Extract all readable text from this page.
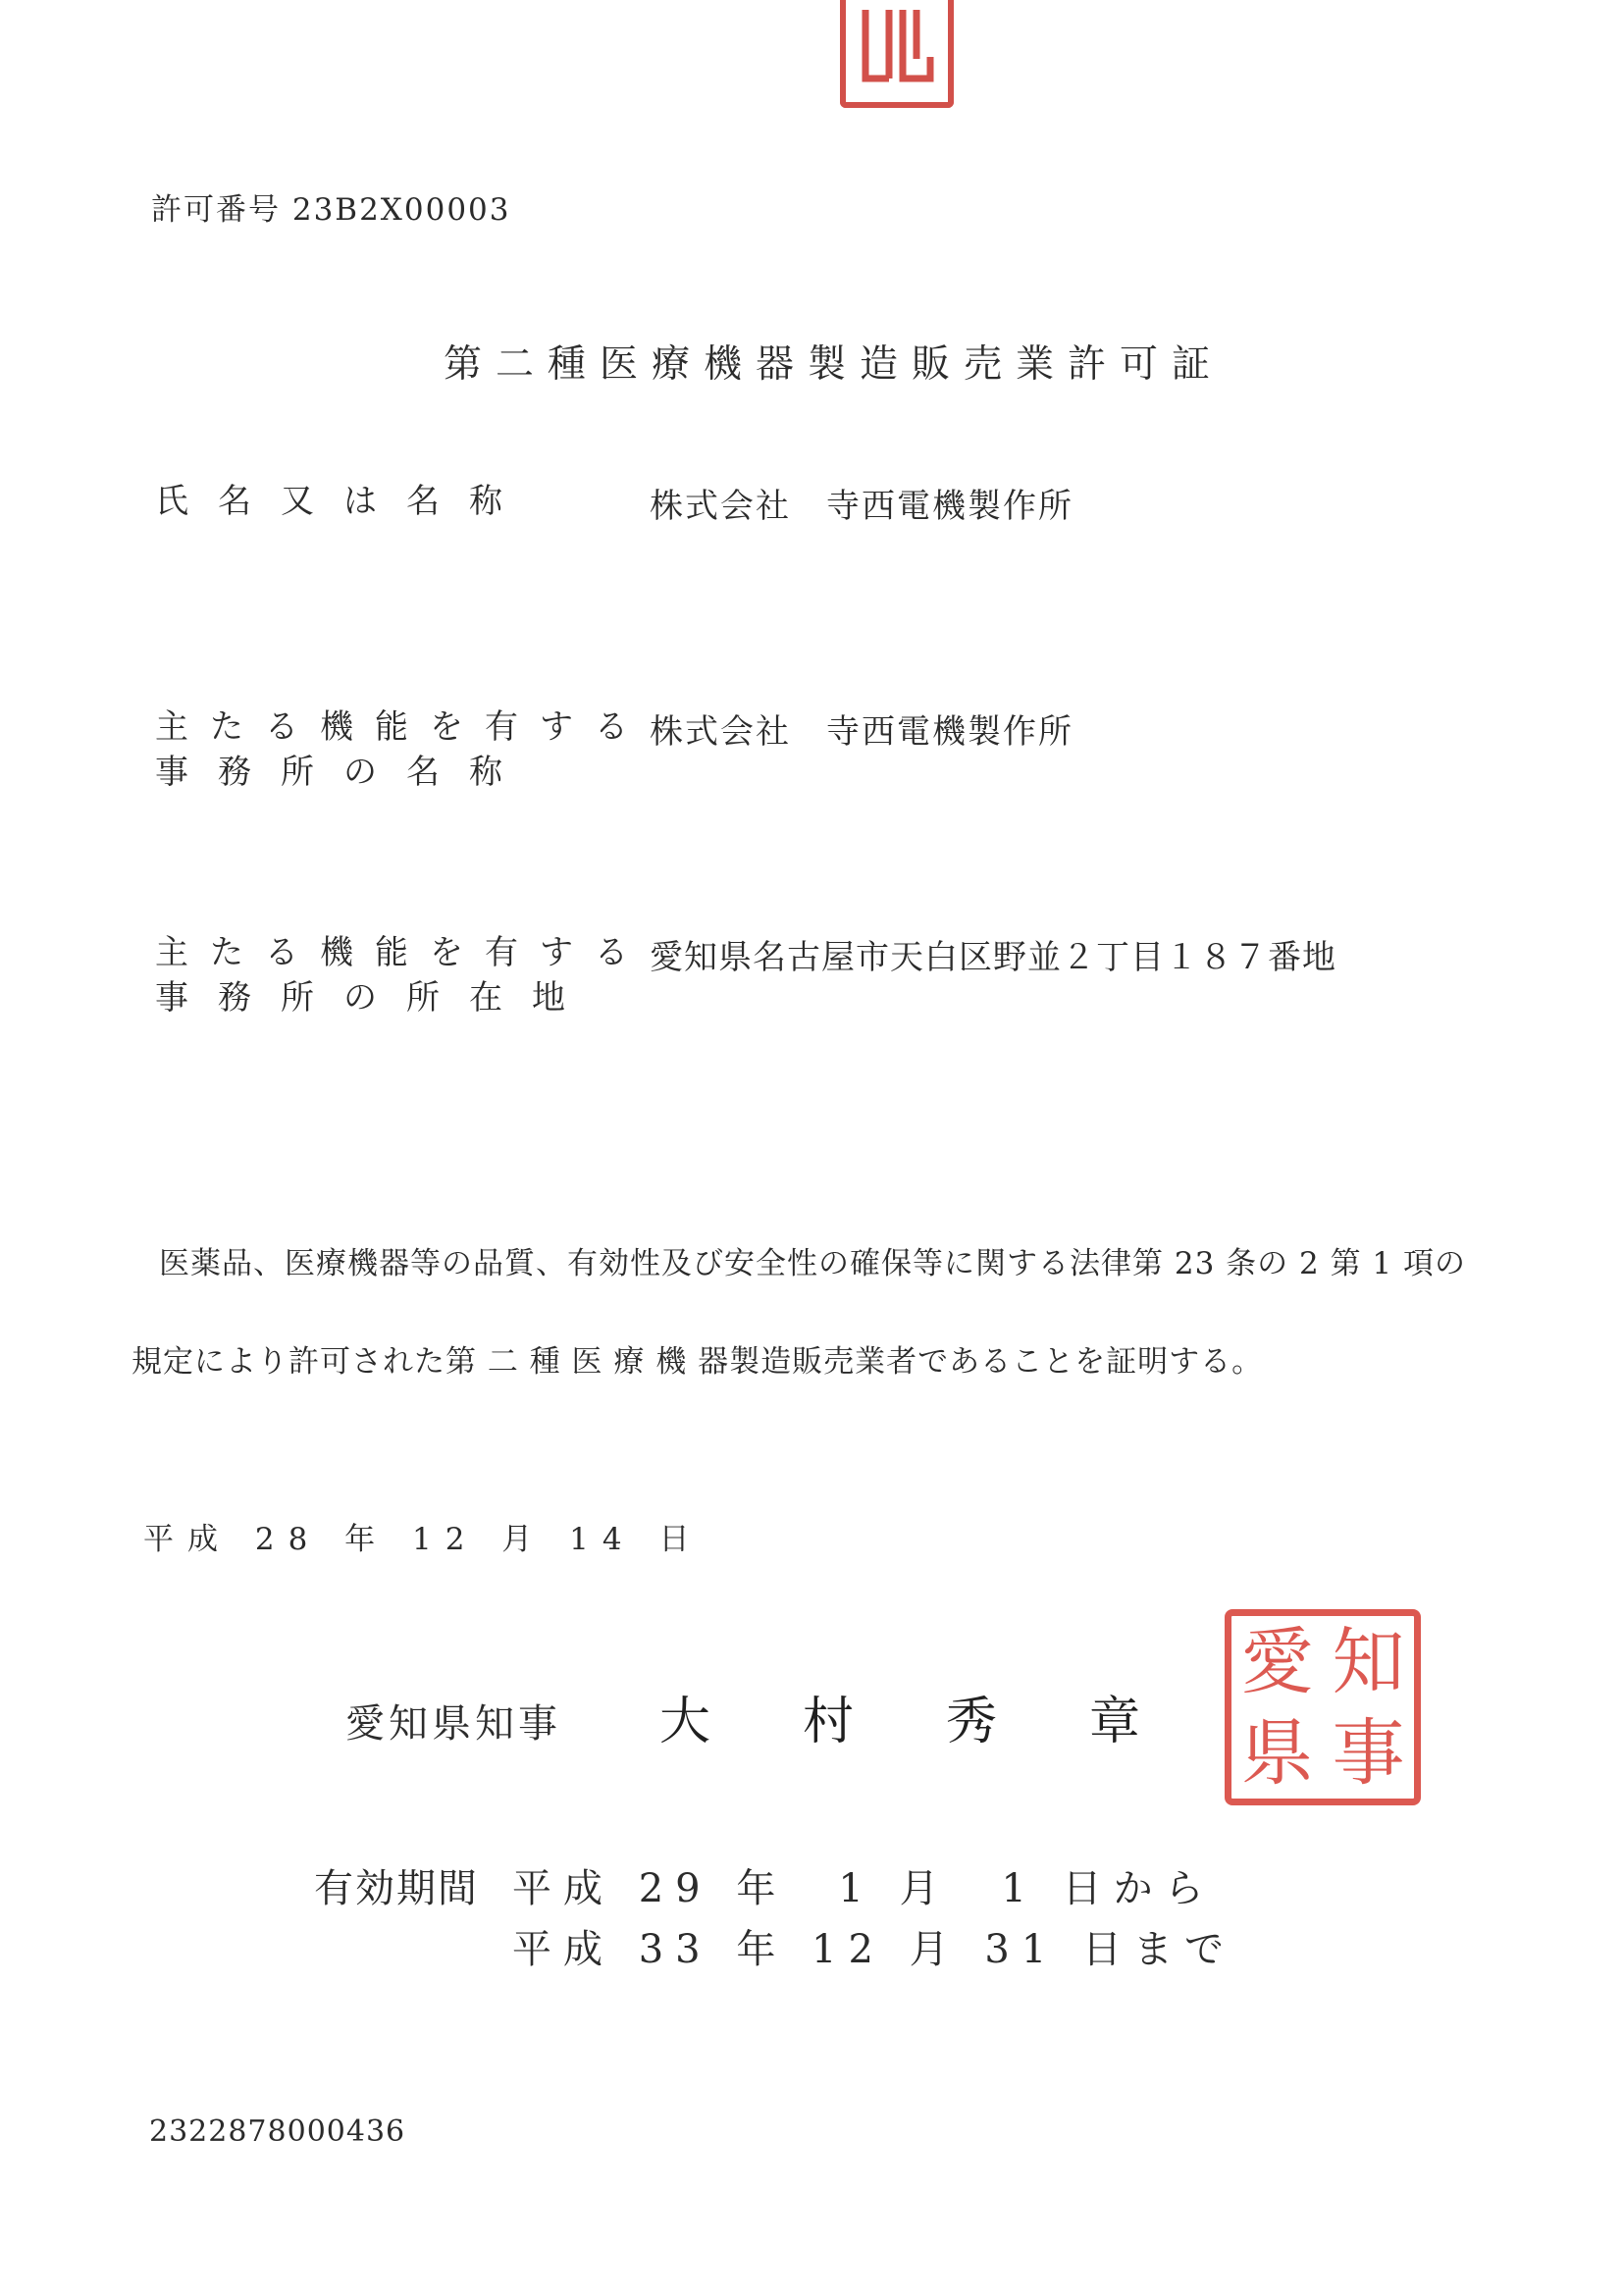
許可番号 23B2X00003
第二種医療機器製造販売業許可証
氏名又は名称	株式会社　寺西電機製作所
主たる機能を有する
事務所の名称
株式会社　寺西電機製作所
主たる機能を有する
事務所の所在地
愛知県名古屋市天白区野並２丁目１８７番地
医薬品、医療機器等の品質、有効性及び安全性の確保等に関する法律第 23 条の 2 第 1 項の
規定により許可された第 二 種 医 療 機 器製造販売業者であることを証明する。
平成 28 年 12 月 14 日
愛知県知事 大村秀章
愛 知
県 事
有効期間 平成 29 年　1 月　1 日から
平成 33 年 12 月 31 日まで
2322878000436
